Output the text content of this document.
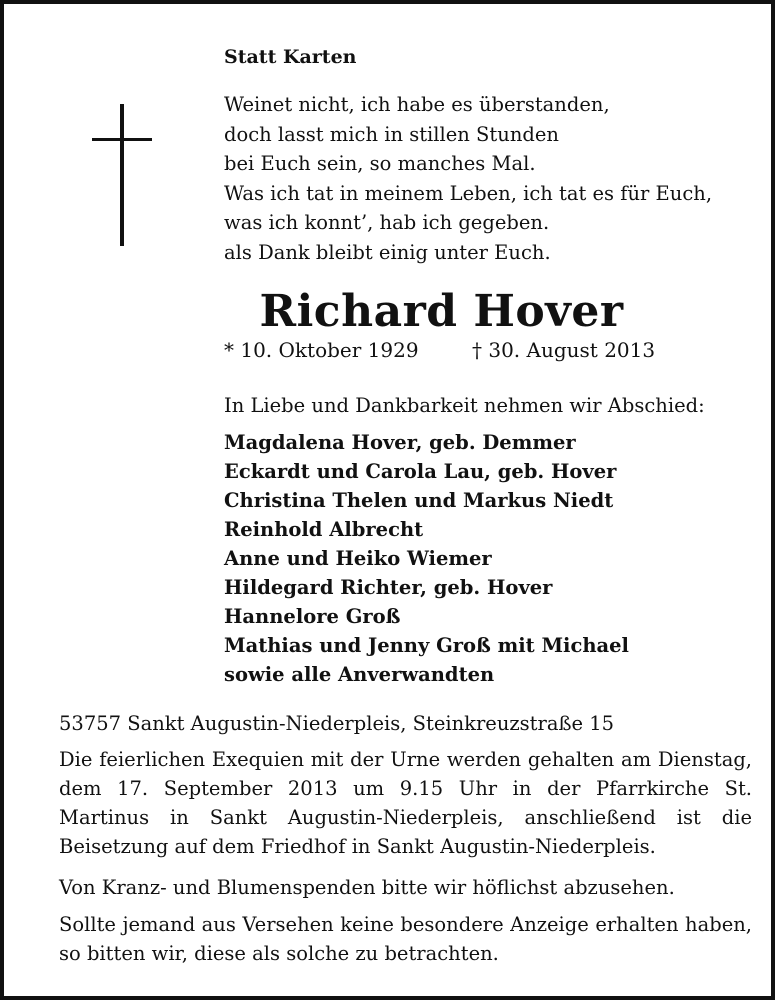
Statt Karten
Weinet nicht, ich habe es überstanden,
doch lasst mich in stillen Stunden
bei Euch sein, so manches Mal.
Was ich tat in meinem Leben, ich tat es für Euch,
was ich konnt’, hab ich gegeben.
als Dank bleibt einig unter Euch.
Richard Hover
* 10. Oktober 1929	† 30. August 2013
In Liebe und Dankbarkeit nehmen wir Abschied:
Magdalena Hover, geb. Demmer
Eckardt und Carola Lau, geb. Hover
Christina Thelen und Markus Niedt
Reinhold Albrecht
Anne und Heiko Wiemer
Hildegard Richter, geb. Hover
Hannelore Groß
Mathias und Jenny Groß mit Michael
sowie alle Anverwandten
53757 Sankt Augustin-Niederpleis, Steinkreuzstraße 15
Die feierlichen Exequien mit der Urne werden gehalten am Dienstag, dem 17. September 2013 um 9.15 Uhr in der Pfarrkirche St. Martinus in Sankt Augustin-Niederpleis, anschließend ist die Beisetzung auf dem Friedhof in Sankt Augustin-Niederpleis.
Von Kranz- und Blumenspenden bitte wir höflichst abzusehen.
Sollte jemand aus Versehen keine besondere Anzeige erhalten haben, so bitten wir, diese als solche zu betrachten.
